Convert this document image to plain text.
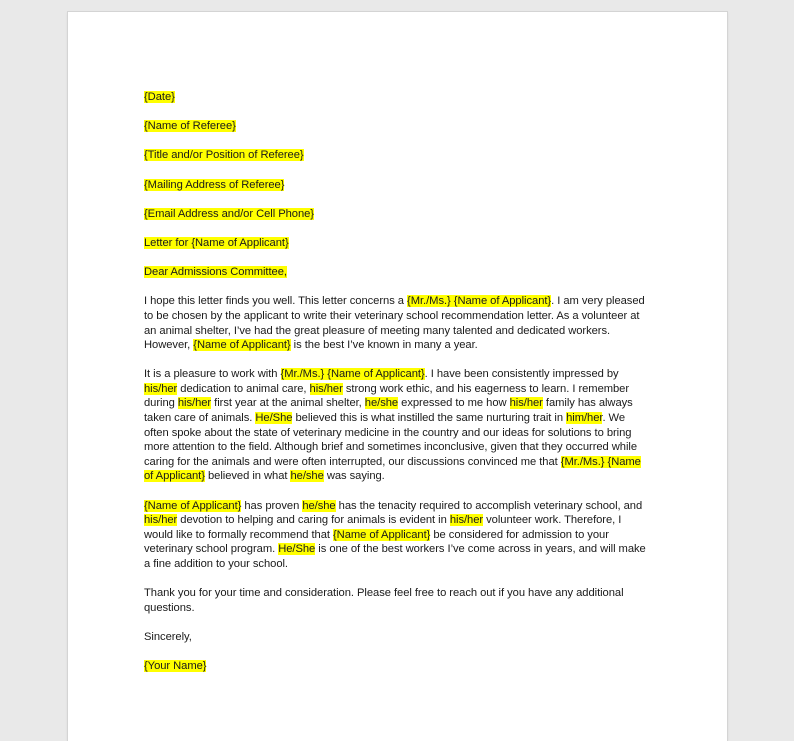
{Date}

{Name of Referee}

{Title and/or Position of Referee}

{Mailing Address of Referee}

{Email Address and/or Cell Phone}

Letter for {Name of Applicant}

Dear Admissions Committee,

I hope this letter finds you well. This letter concerns a {Mr./Ms.} {Name of Applicant}. I am very pleased to be chosen by the applicant to write their veterinary school recommendation letter. As a volunteer at an animal shelter, I’ve had the great pleasure of meeting many talented and dedicated workers. However, {Name of Applicant} is the best I’ve known in many a year.

It is a pleasure to work with {Mr./Ms.} {Name of Applicant}. I have been consistently impressed by his/her dedication to animal care, his/her strong work ethic, and his eagerness to learn. I remember during his/her first year at the animal shelter, he/she expressed to me how his/her family has always taken care of animals. He/She believed this is what instilled the same nurturing trait in him/her. We often spoke about the state of veterinary medicine in the country and our ideas for solutions to bring more attention to the field. Although brief and sometimes inconclusive, given that they occurred while caring for the animals and were often interrupted, our discussions convinced me that {Mr./Ms.} {Name of Applicant} believed in what he/she was saying.

{Name of Applicant} has proven he/she has the tenacity required to accomplish veterinary school, and his/her devotion to helping and caring for animals is evident in his/her volunteer work. Therefore, I would like to formally recommend that {Name of Applicant} be considered for admission to your veterinary school program. He/She is one of the best workers I’ve come across in years, and will make a fine addition to your school.

Thank you for your time and consideration. Please feel free to reach out if you have any additional questions.

Sincerely,

{Your Name}
